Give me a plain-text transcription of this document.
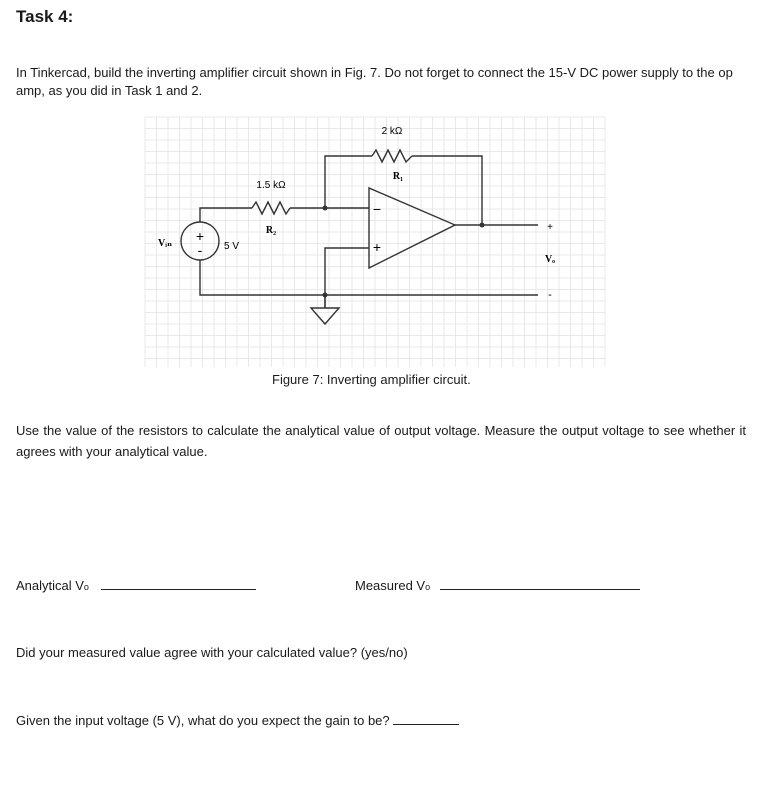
Task 4:
In Tinkercad, build the inverting amplifier circuit shown in Fig. 7. Do not forget to connect the 15-V DC power supply to the op amp, as you did in Task 1 and 2.
2 kΩ
R₁
1.5 kΩ
R₂
+
- 5 V
Vᵢₙ
−
+
+
Vₒ
-
Figure 7: Inverting amplifier circuit.
Use the value of the resistors to calculate the analytical value of output voltage. Measure the output voltage to see whether it agrees with your analytical value.
Analytical Vo	Measured Vo
Did your measured value agree with your calculated value? (yes/no)
Given the input voltage (5 V), what do you expect the gain to be?
